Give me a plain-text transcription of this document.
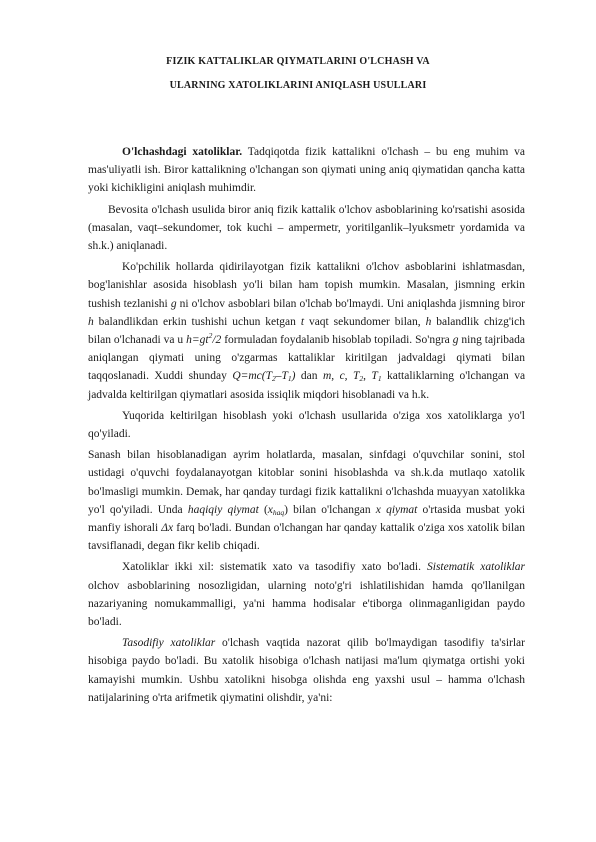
FIZIK KATTALIKLAR QIYMATLARINI O'LCHASH VA

ULARNING XATOLIKLARINI ANIQLASH USULLARI

O'lchashdagi xatoliklar. Tadqiqotda fizik kattalikni o'lchash – bu eng muhim va mas'uliyatli ish. Biror kattalikning o'lchangan son qiymati uning aniq qiymatidan qancha katta yoki kichikligini aniqlash muhimdir.

Bevosita o'lchash usulida biror aniq fizik kattalik o'lchov asboblarining ko'rsatishi asosida (masalan, vaqt–sekundomer, tok kuchi – ampermetr, yoritilganlik–lyuksmetr yordamida va sh.k.) aniqlanadi.

Ko'pchilik hollarda qidirilayotgan fizik kattalikni o'lchov asboblarini ishlatmasdan, bog'lanishlar asosida hisoblash yo'li bilan ham topish mumkin. Masalan, jismning erkin tushish tezlanishi g ni o'lchov asboblari bilan o'lchab bo'lmaydi. Uni aniqlashda jismning biror h balandlikdan erkin tushishi uchun ketgan t vaqt sekundomer bilan, h balandlik chizg'ich bilan o'lchanadi va u $h=gt^2/2$ formuladan foydalanib hisoblab topiladi. So'ngra g ning tajribada aniqlangan qiymati uning o'zgarmas kattaliklar kiritilgan jadvaldagi qiymati bilan taqqoslanadi. Xuddi shunday $Q=mc(T_2-T_1)$ dan m, c, $T_2$, $T_1$ kattaliklarning o'lchangan va jadvalda keltirilgan qiymatlari asosida issiqlik miqdori hisoblanadi va h.k.

Yuqorida keltirilgan hisoblash yoki o'lchash usullarida o'ziga xos xatoliklarga yo'l qo'yiladi.

Sanash bilan hisoblanadigan ayrim holatlarda, masalan, sinfdagi o'quvchilar sonini, stol ustidagi o'quvchi foydalanayotgan kitoblar sonini hisoblashda va sh.k.da mutlaqo xatolik bo'lmasligi mumkin. Demak, har qanday turdagi fizik kattalikni o'lchashda muayyan xatolikka yo'l qo'yiladi. Unda haqiqiy qiymat $(x_{haq})$ bilan o'lchangan x qiymat o'rtasida musbat yoki manfiy ishorali Δx farq bo'ladi. Bundan o'lchangan har qanday kattalik o'ziga xos xatolik bilan tavsiflanadi, degan fikr kelib chiqadi.

Xatoliklar ikki xil: sistematik xato va tasodifiy xato bo'ladi. Sistematik xatoliklar olchov asboblarining nosozligidan, ularning noto'g'ri ishlatilishidan hamda qo'llanilgan nazariyaning nomukammalligi, ya'ni hamma hodisalar e'tiborga olinmaganligidan paydo bo'ladi.

Tasodifiy xatoliklar o'lchash vaqtida nazorat qilib bo'lmaydigan tasodifiy ta'sirlar hisobiga paydo bo'ladi. Bu xatolik hisobiga o'lchash natijasi ma'lum qiymatga ortishi yoki kamayishi mumkin. Ushbu xatolikni hisobga olishda eng yaxshi usul – hamma o'lchash natijalarining o'rta arifmetik qiymatini olishdir, ya'ni:
